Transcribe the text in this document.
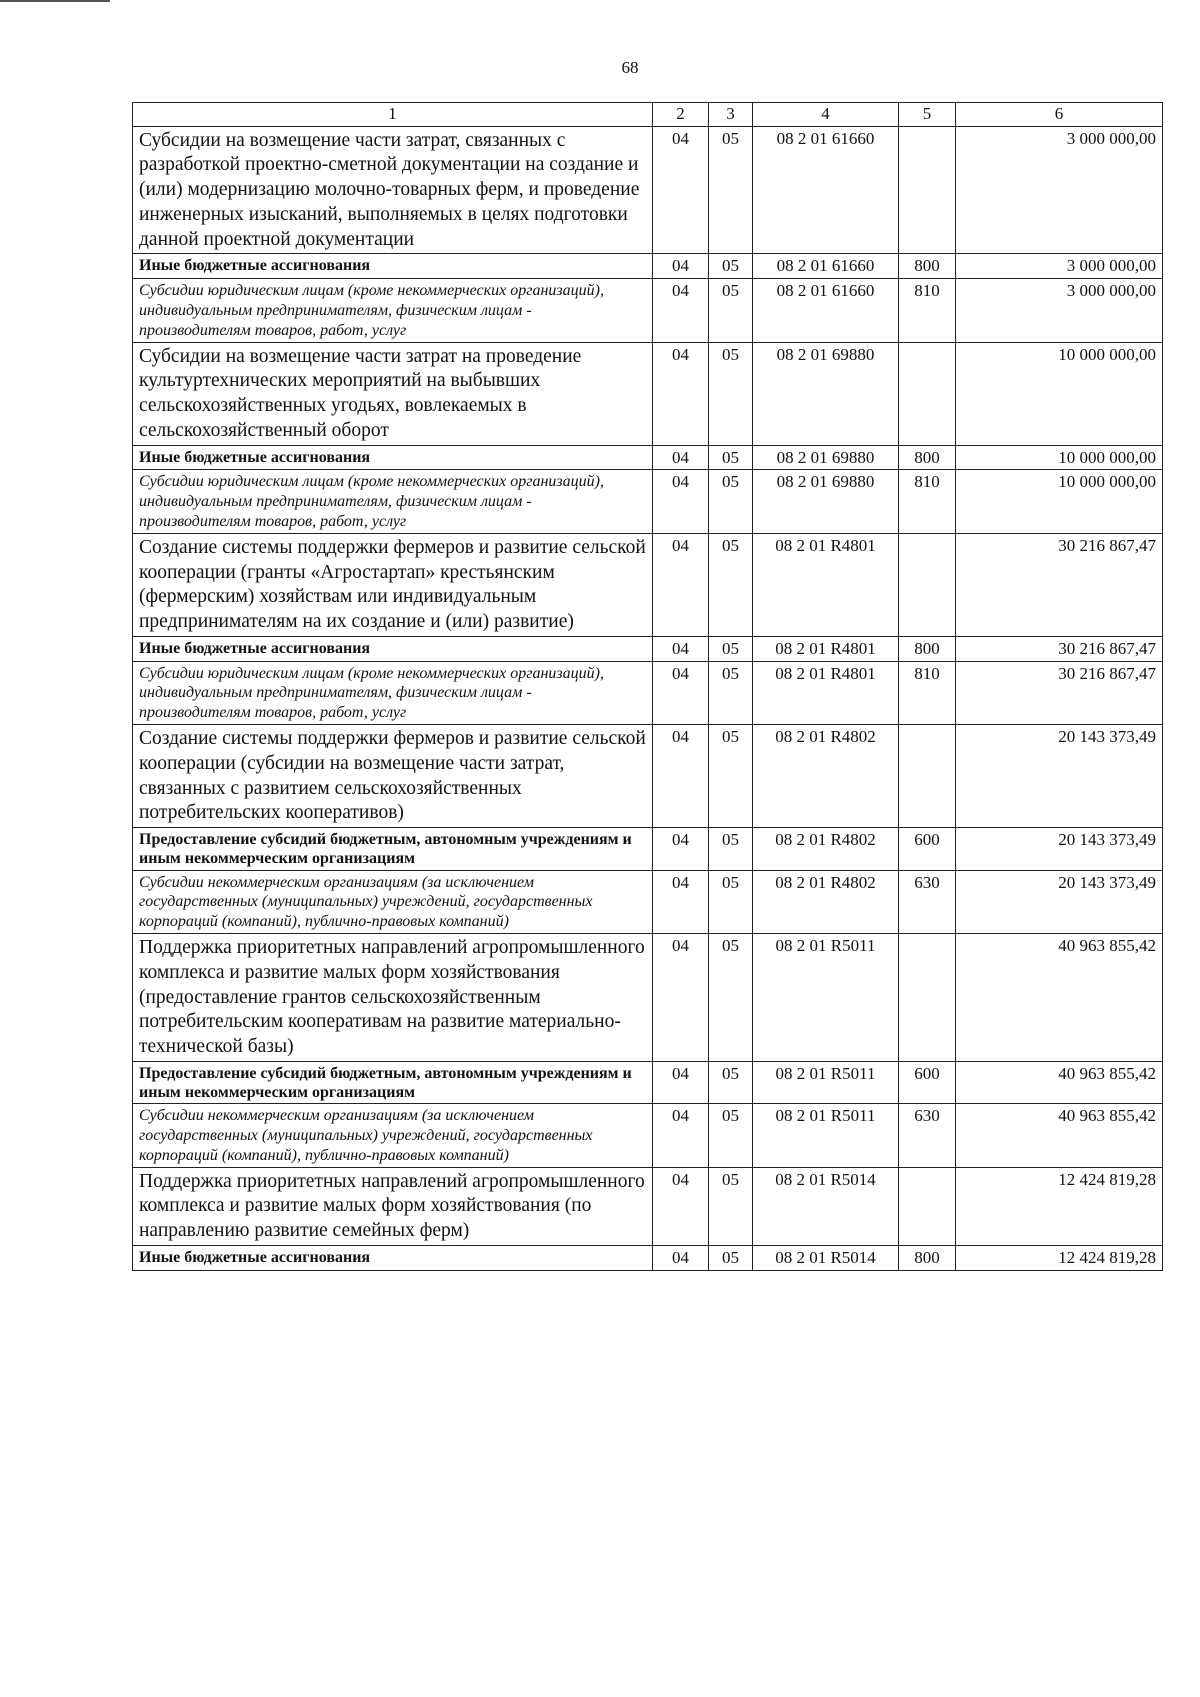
68
1	2	3	4	5	6
Субсидии на возмещение части затрат, связанных с разработкой проектно-сметной документации на создание и (или) модернизацию молочно-товарных ферм, и проведение инженерных изысканий, выполняемых в целях подготовки данной проектной документации	04	05	08 2 01 61660		3 000 000,00
Иные бюджетные ассигнования	04	05	08 2 01 61660	800	3 000 000,00
Субсидии юридическим лицам (кроме некоммерческих организаций), индивидуальным предпринимателям, физическим лицам - производителям товаров, работ, услуг	04	05	08 2 01 61660	810	3 000 000,00
Субсидии на возмещение части затрат на проведение культуртехнических мероприятий на выбывших сельскохозяйственных угодьях, вовлекаемых в сельскохозяйственный оборот	04	05	08 2 01 69880		10 000 000,00
Иные бюджетные ассигнования	04	05	08 2 01 69880	800	10 000 000,00
Субсидии юридическим лицам (кроме некоммерческих организаций), индивидуальным предпринимателям, физическим лицам - производителям товаров, работ, услуг	04	05	08 2 01 69880	810	10 000 000,00
Создание системы поддержки фермеров и развитие сельской кооперации (гранты «Агростартап» крестьянским (фермерским) хозяйствам или индивидуальным предпринимателям на их создание и (или) развитие)	04	05	08 2 01 R4801		30 216 867,47
Иные бюджетные ассигнования	04	05	08 2 01 R4801	800	30 216 867,47
Субсидии юридическим лицам (кроме некоммерческих организаций), индивидуальным предпринимателям, физическим лицам - производителям товаров, работ, услуг	04	05	08 2 01 R4801	810	30 216 867,47
Создание системы поддержки фермеров и развитие сельской кооперации (субсидии на возмещение части затрат, связанных с развитием сельскохозяйственных потребительских кооперативов)	04	05	08 2 01 R4802		20 143 373,49
Предоставление субсидий бюджетным, автономным учреждениям и иным некоммерческим организациям	04	05	08 2 01 R4802	600	20 143 373,49
Субсидии некоммерческим организациям (за исключением государственных (муниципальных) учреждений, государственных корпораций (компаний), публично-правовых компаний)	04	05	08 2 01 R4802	630	20 143 373,49
Поддержка приоритетных направлений агропромышленного комплекса и развитие малых форм хозяйствования (предоставление грантов сельскохозяйственным потребительским кооперативам на развитие материально-технической базы)	04	05	08 2 01 R5011		40 963 855,42
Предоставление субсидий бюджетным, автономным учреждениям и иным некоммерческим организациям	04	05	08 2 01 R5011	600	40 963 855,42
Субсидии некоммерческим организациям (за исключением государственных (муниципальных) учреждений, государственных корпораций (компаний), публично-правовых компаний)	04	05	08 2 01 R5011	630	40 963 855,42
Поддержка приоритетных направлений агропромышленного комплекса и развитие малых форм хозяйствования (по направлению развитие семейных ферм)	04	05	08 2 01 R5014		12 424 819,28
Иные бюджетные ассигнования	04	05	08 2 01 R5014	800	12 424 819,28
